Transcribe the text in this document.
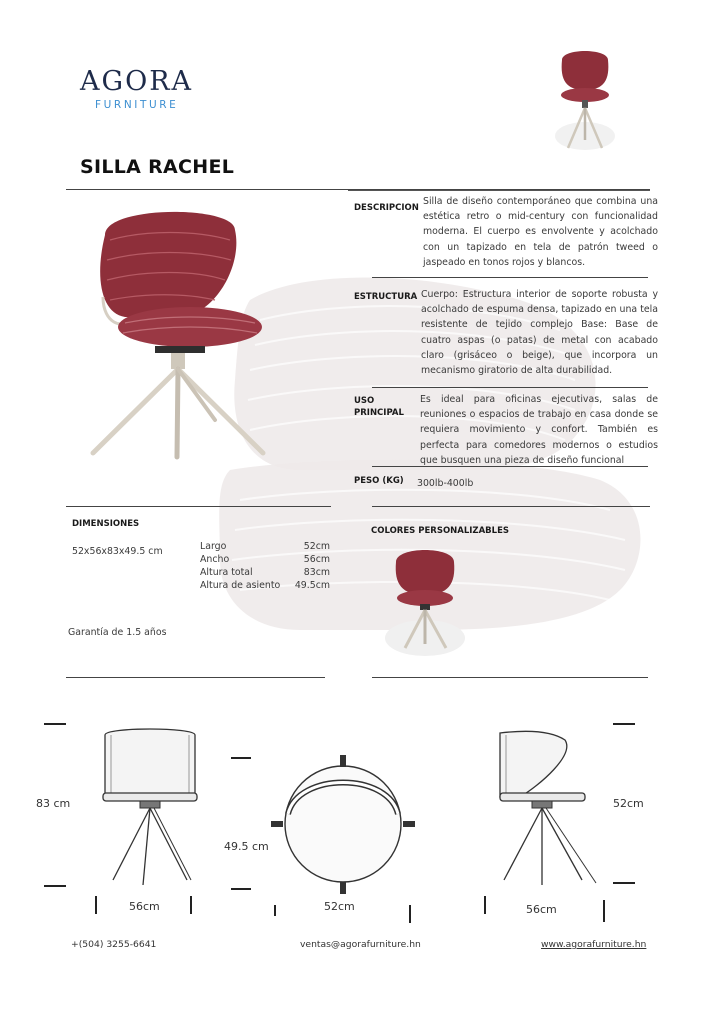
AGORA
FURNITURE
SILLA RACHEL
DESCRIPCION
Silla de diseño contemporáneo que combina una estética retro o mid-century con funcionalidad moderna. El cuerpo es envolvente y acolchado con un tapizado en tela de patrón tweed o jaspeado en tonos rojos y blancos.
ESTRUCTURA Cuerpo: Estructura interior de soporte robusta y acolchado de espuma densa, tapizado en una tela resistente de tejido complejo Base: Base de cuatro aspas (o patas) de metal con acabado claro (grisáceo o beige), que incorpora un mecanismo giratorio de alta durabilidad.
USO
PRINCIPAL
Es ideal para oficinas ejecutivas, salas de reuniones o espacios de trabajo en casa donde se requiera movimiento y confort. También es perfecta para comedores modernos o estudios que busquen una pieza de diseño funcional
PESO (KG) 300lb-400lb
DIMENSIONES
52x56x83x49.5 cm	Largo	52cm
Ancho	56cm
Altura total	83cm
Altura de asiento	49.5cm
Garantía de 1.5 años
COLORES PERSONALIZABLES
83 cm
56cm
49.5 cm
52cm
52cm
56cm
+(504) 3255-6641	ventas@agorafurniture.hn	www.agorafurniture.hn
